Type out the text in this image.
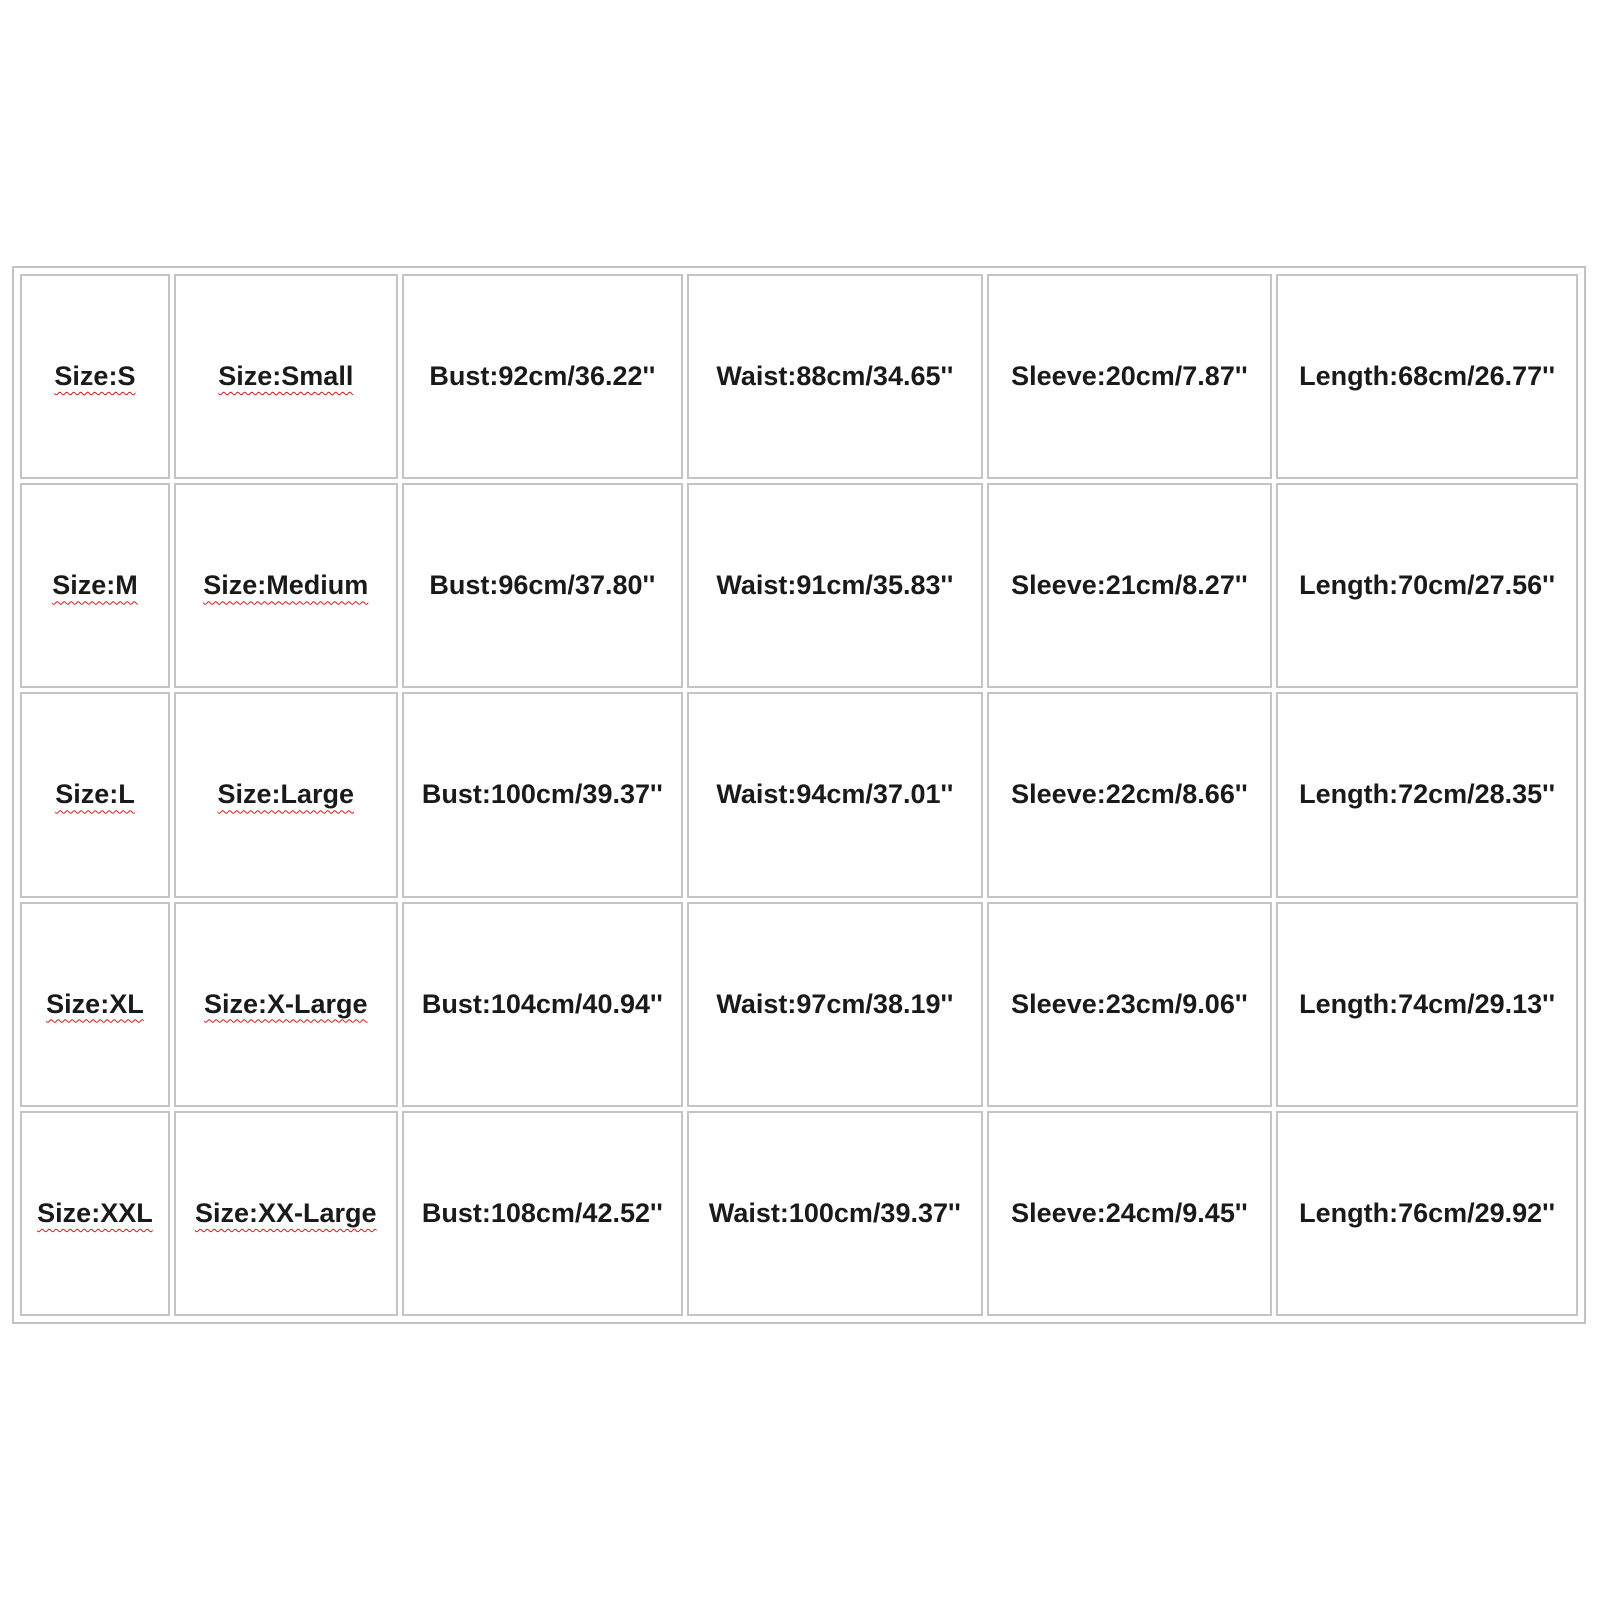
Size:S	Size:Small	Bust:92cm/36.22''	Waist:88cm/34.65''	Sleeve:20cm/7.87''	Length:68cm/26.77''
Size:M	Size:Medium	Bust:96cm/37.80''	Waist:91cm/35.83''	Sleeve:21cm/8.27''	Length:70cm/27.56''
Size:L	Size:Large	Bust:100cm/39.37''	Waist:94cm/37.01''	Sleeve:22cm/8.66''	Length:72cm/28.35''
Size:XL	Size:X-Large	Bust:104cm/40.94''	Waist:97cm/38.19''	Sleeve:23cm/9.06''	Length:74cm/29.13''
Size:XXL	Size:XX-Large	Bust:108cm/42.52''	Waist:100cm/39.37''	Sleeve:24cm/9.45''	Length:76cm/29.92''
